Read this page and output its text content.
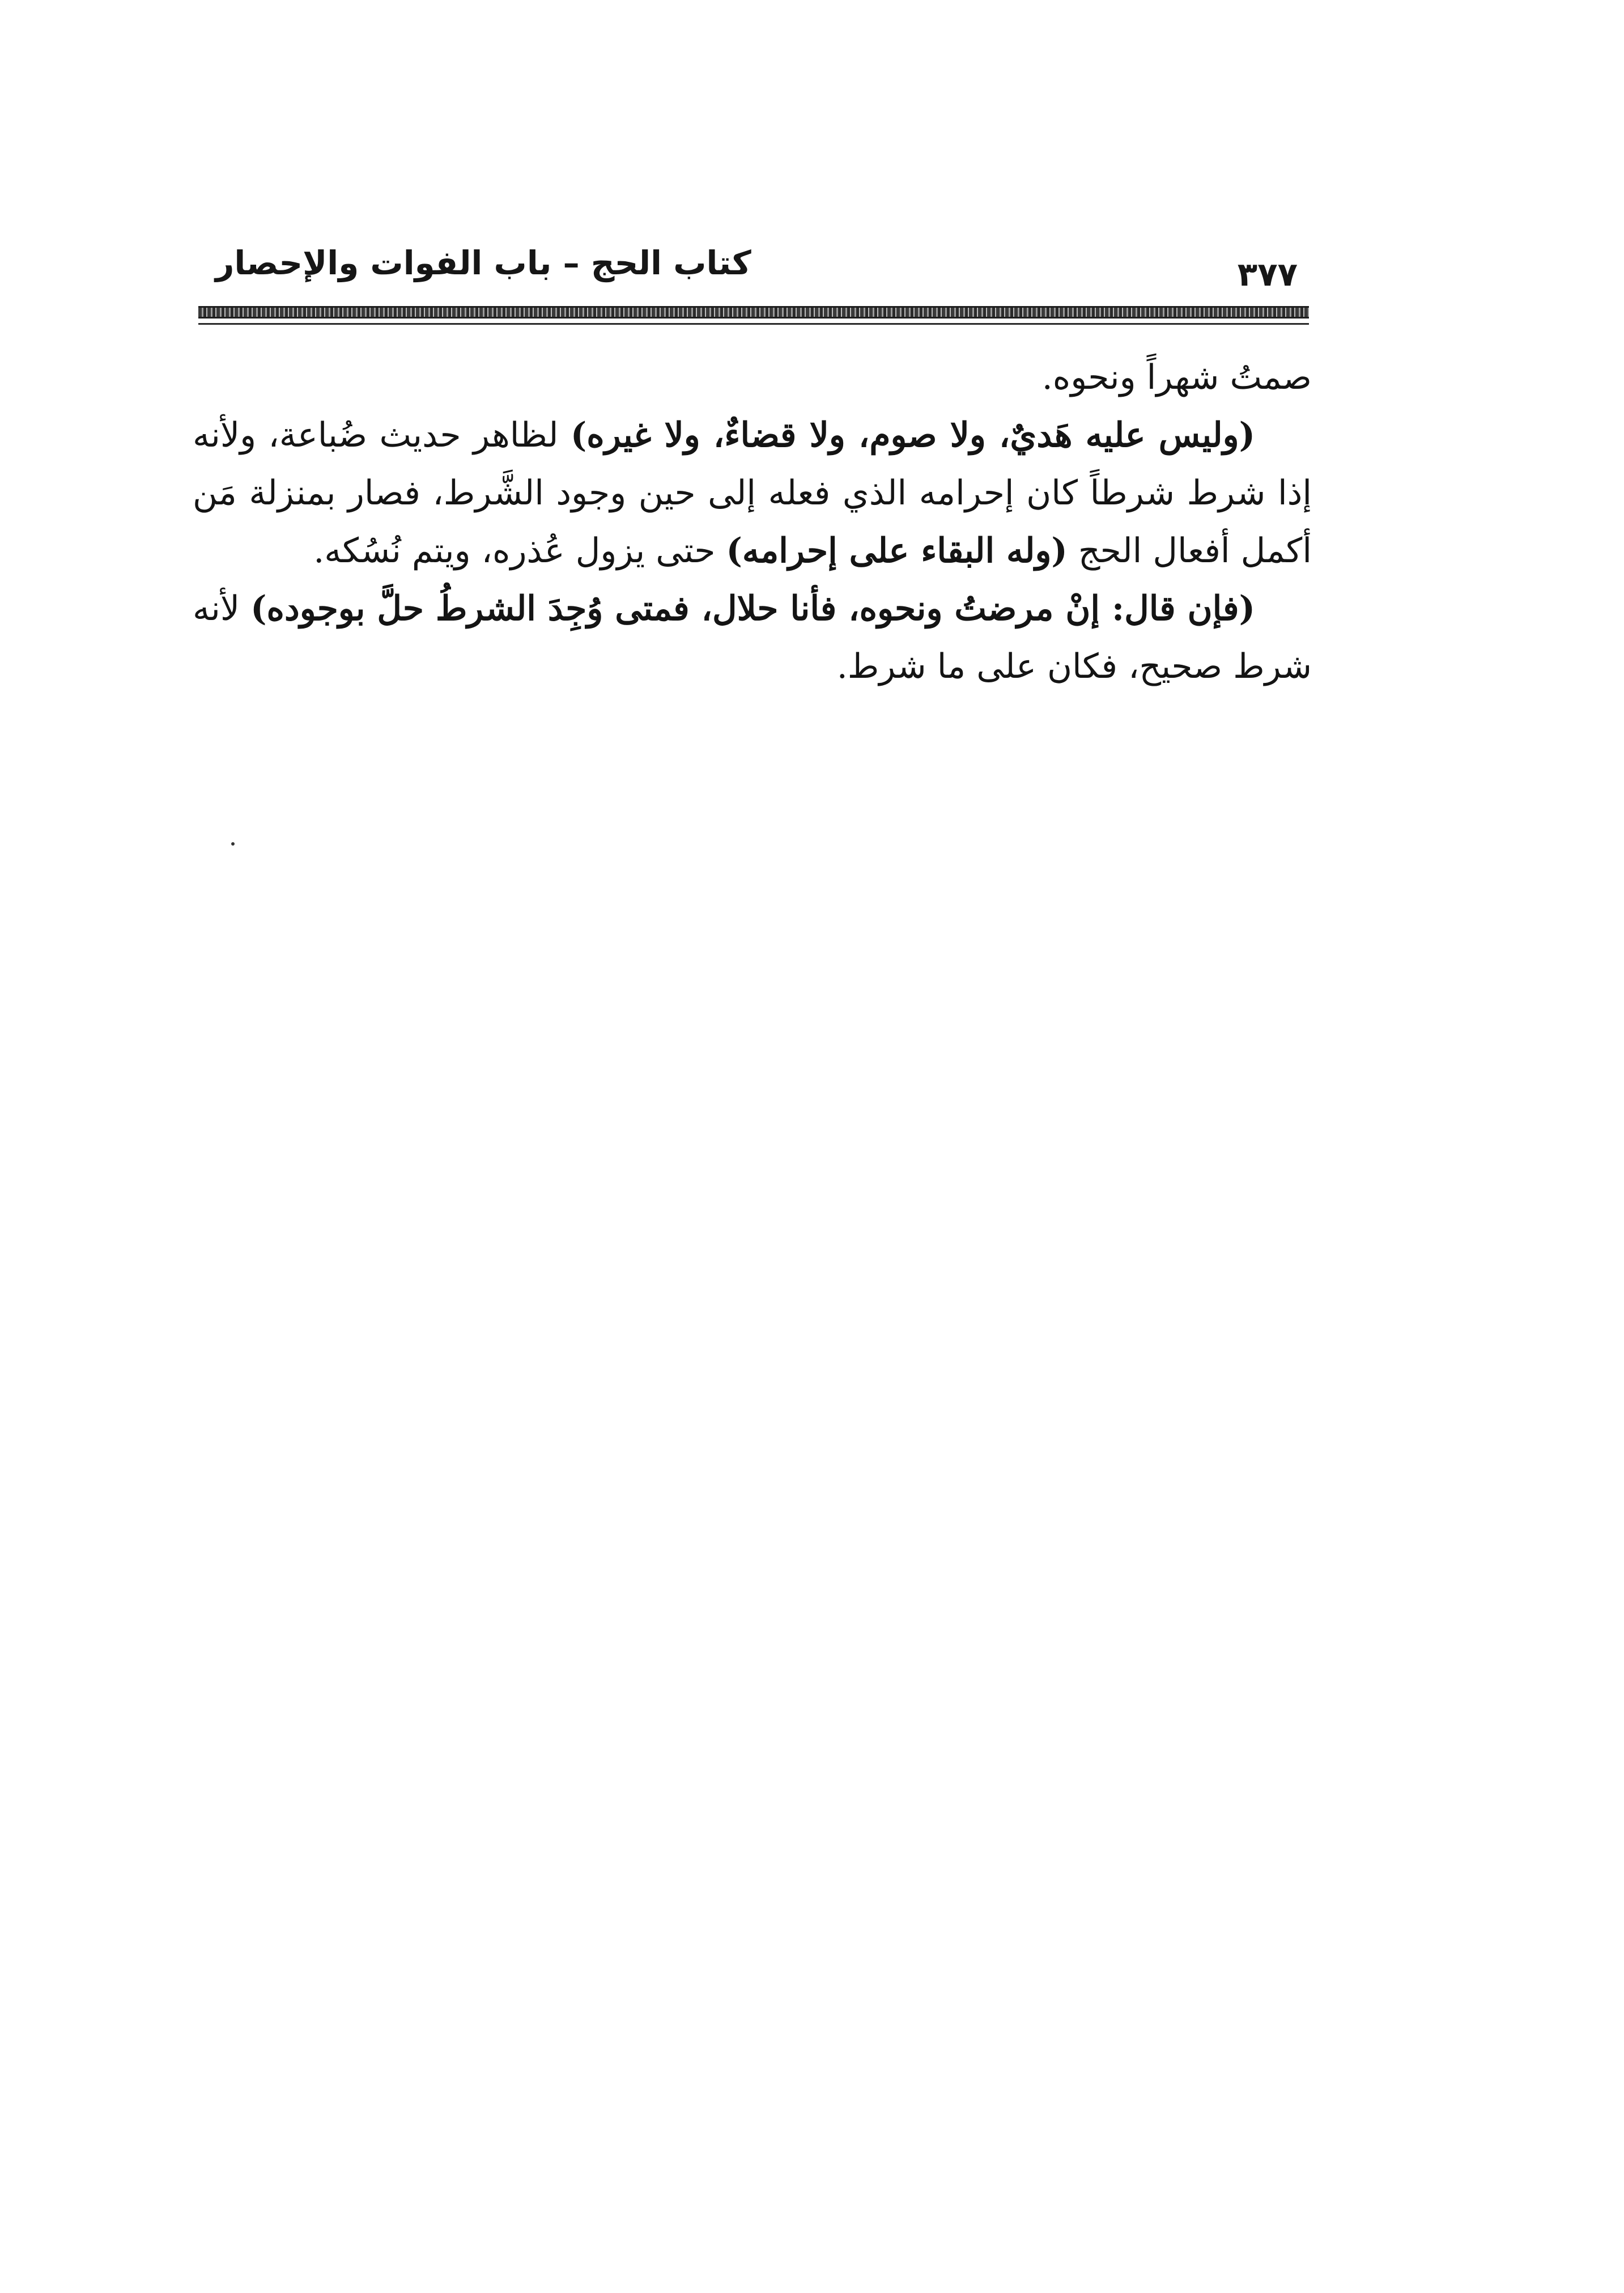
كتاب الحج – باب الفوات والإحصار	٣٧٧

صمتُ شهراً ونحوه.

(وليس عليه هَديٌ، ولا صوم، ولا قضاءٌ، ولا غيره) لظاهر حديث ضُباعة، ولأنه إذا شرط شرطاً كان إحرامه الذي فعله إلى حين وجود الشَّرط، فصار بمنزلة مَن أكمل أفعال الحج (وله البقاء على إحرامه) حتى يزول عُذره، ويتم نُسُكه.

(فإن قال: إنْ مرضتُ ونحوه، فأنا حلال، فمتى وُجِدَ الشرطُ حلَّ بوجوده) لأنه شرط صحيح، فكان على ما شرط.
